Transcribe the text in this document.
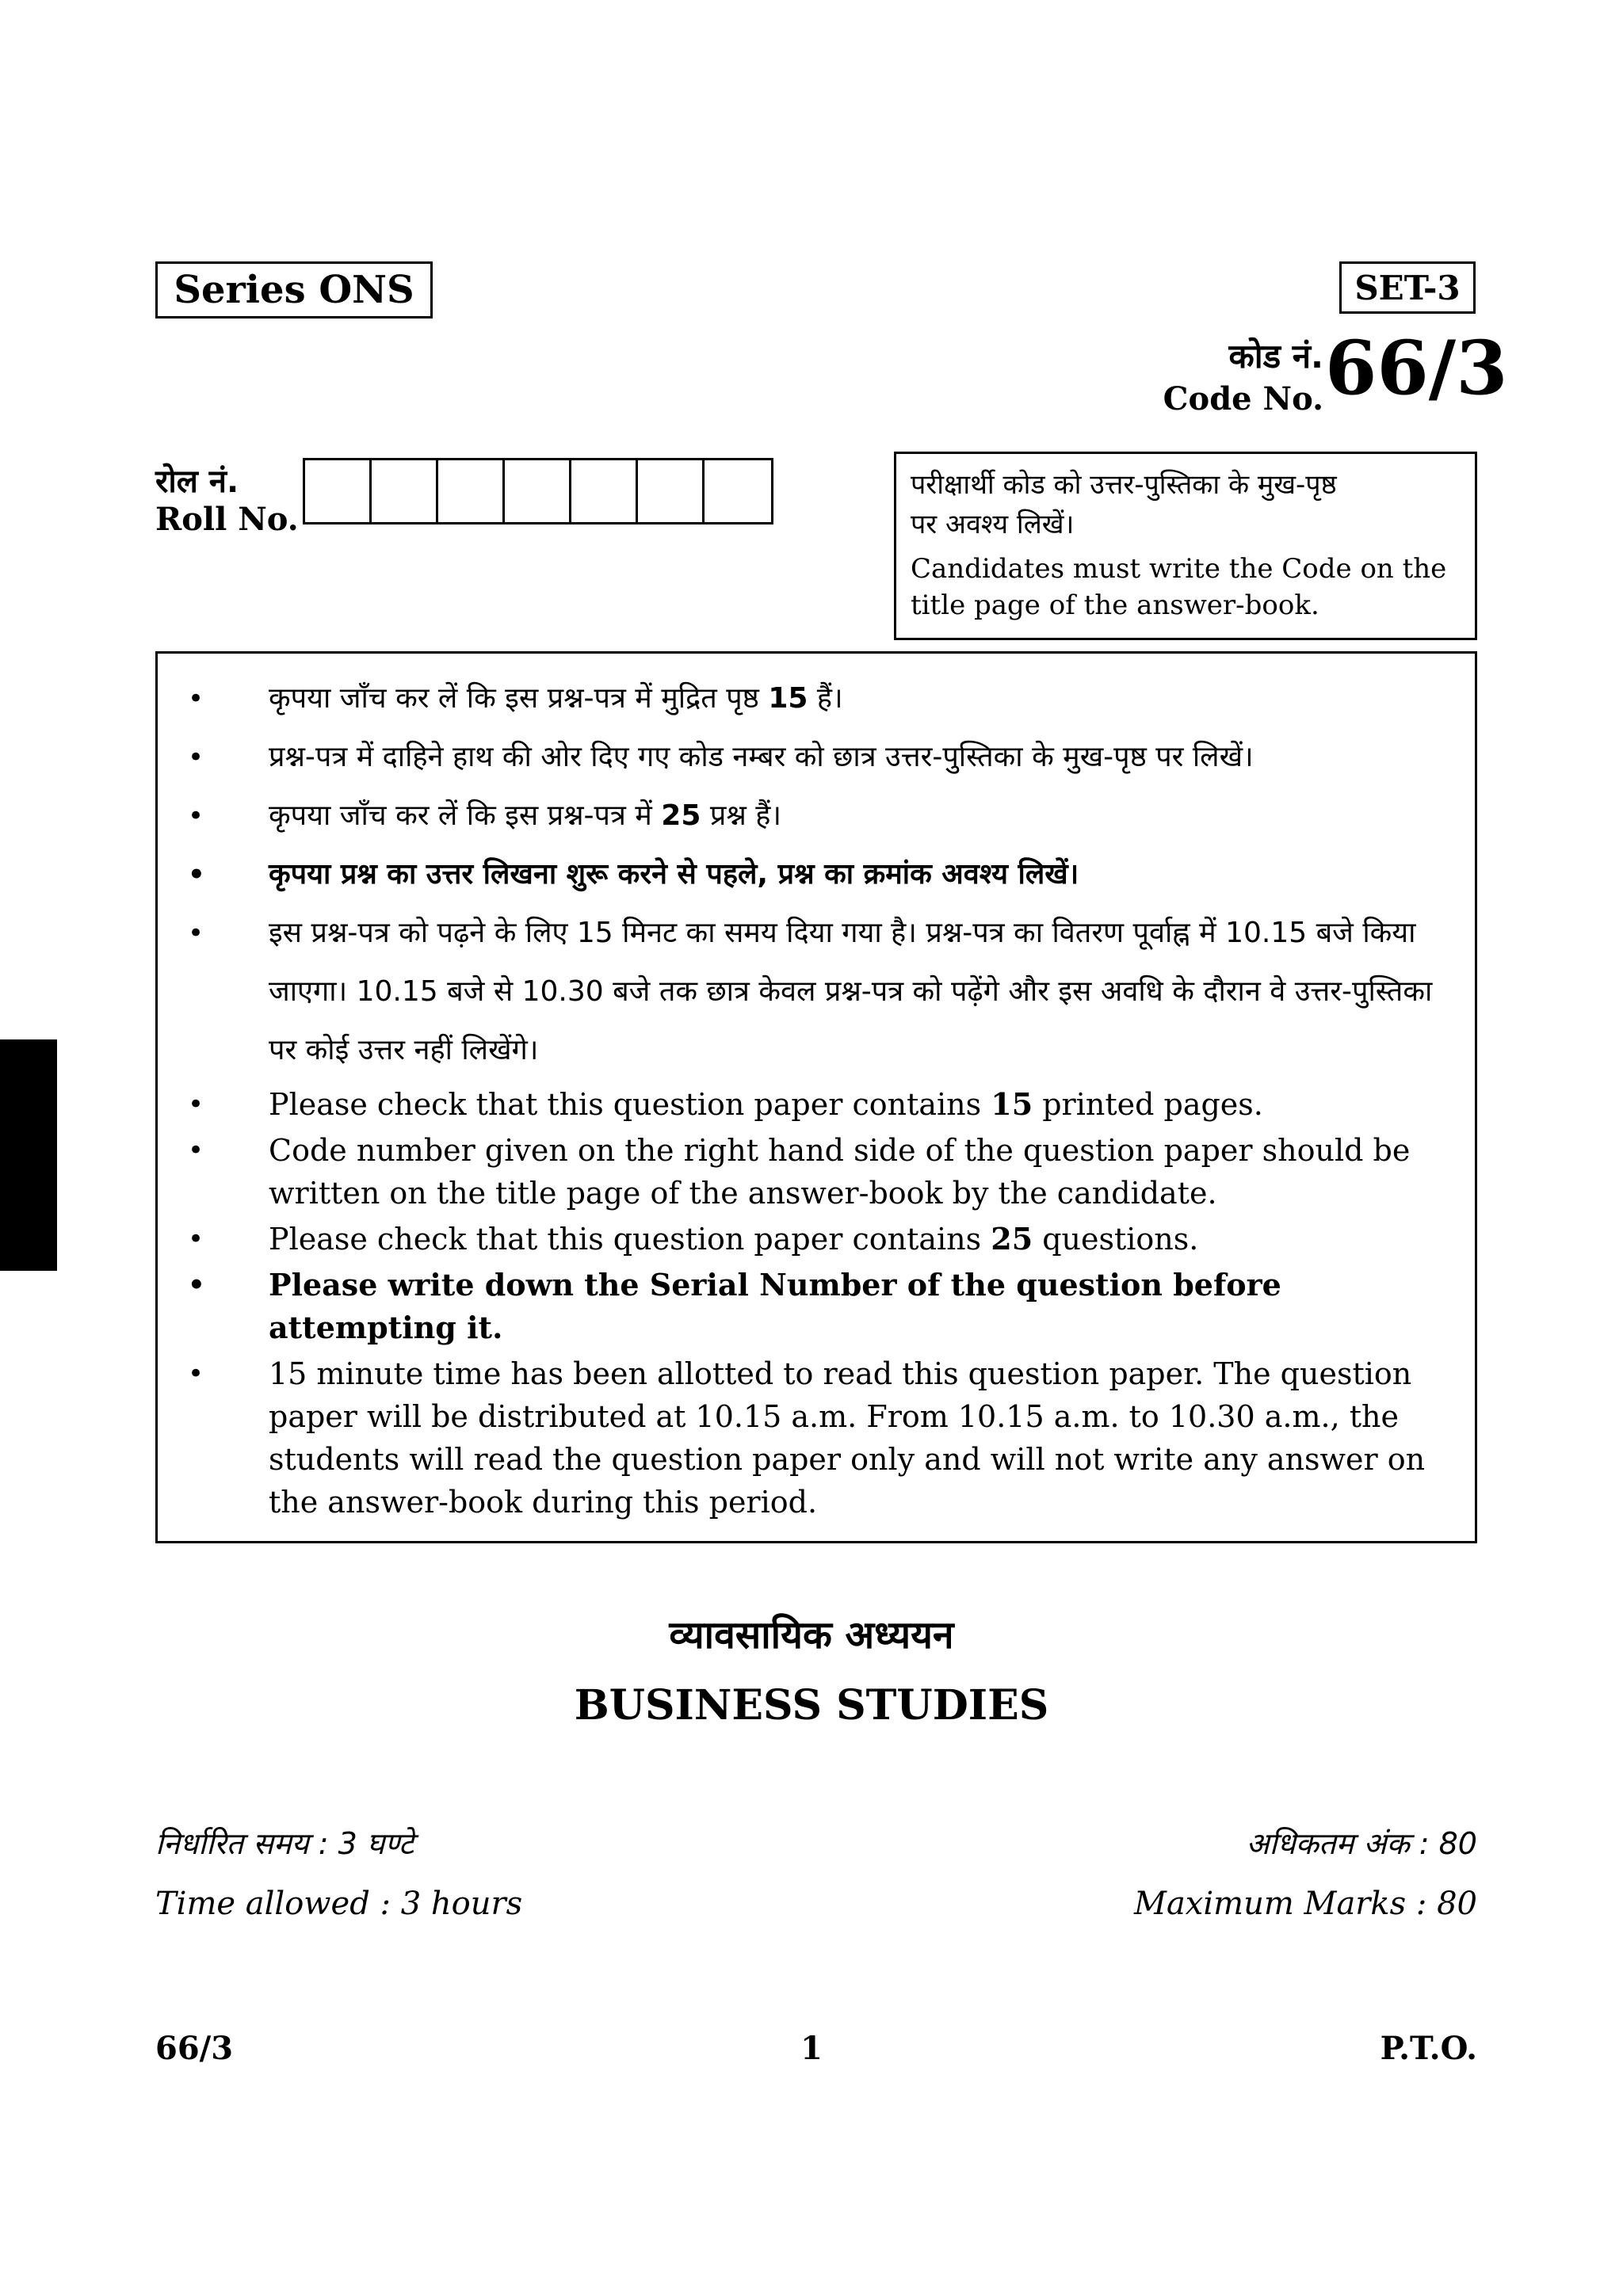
Series ONS	SET-3
कोड नं.
Code No. 66/3
रोल नं.
Roll No.
परीक्षार्थी कोड को उत्तर-पुस्तिका के मुख-पृष्ठ
पर अवश्य लिखें।
Candidates must write the Code on the title page of the answer-book.
• कृपया जाँच कर लें कि इस प्रश्न-पत्र में मुद्रित पृष्ठ 15 हैं।
• प्रश्न-पत्र में दाहिने हाथ की ओर दिए गए कोड नम्बर को छात्र उत्तर-पुस्तिका के मुख-पृष्ठ पर लिखें।
• कृपया जाँच कर लें कि इस प्रश्न-पत्र में 25 प्रश्न हैं।
• कृपया प्रश्न का उत्तर लिखना शुरू करने से पहले, प्रश्न का क्रमांक अवश्य लिखें।
• इस प्रश्न-पत्र को पढ़ने के लिए 15 मिनट का समय दिया गया है। प्रश्न-पत्र का वितरण पूर्वाह्न में 10.15 बजे किया जाएगा। 10.15 बजे से 10.30 बजे तक छात्र केवल प्रश्न-पत्र को पढ़ेंगे और इस अवधि के दौरान वे उत्तर-पुस्तिका पर कोई उत्तर नहीं लिखेंगे।
• Please check that this question paper contains 15 printed pages.
• Code number given on the right hand side of the question paper should be written on the title page of the answer-book by the candidate.
• Please check that this question paper contains 25 questions.
• Please write down the Serial Number of the question before attempting it.
• 15 minute time has been allotted to read this question paper. The question paper will be distributed at 10.15 a.m. From 10.15 a.m. to 10.30 a.m., the students will read the question paper only and will not write any answer on the answer-book during this period.
व्यावसायिक अध्ययन
BUSINESS STUDIES
निर्धारित समय : 3 घण्टे
Time allowed : 3 hours
अधिकतम अंक : 80
Maximum Marks : 80
66/3	1	P.T.O.
